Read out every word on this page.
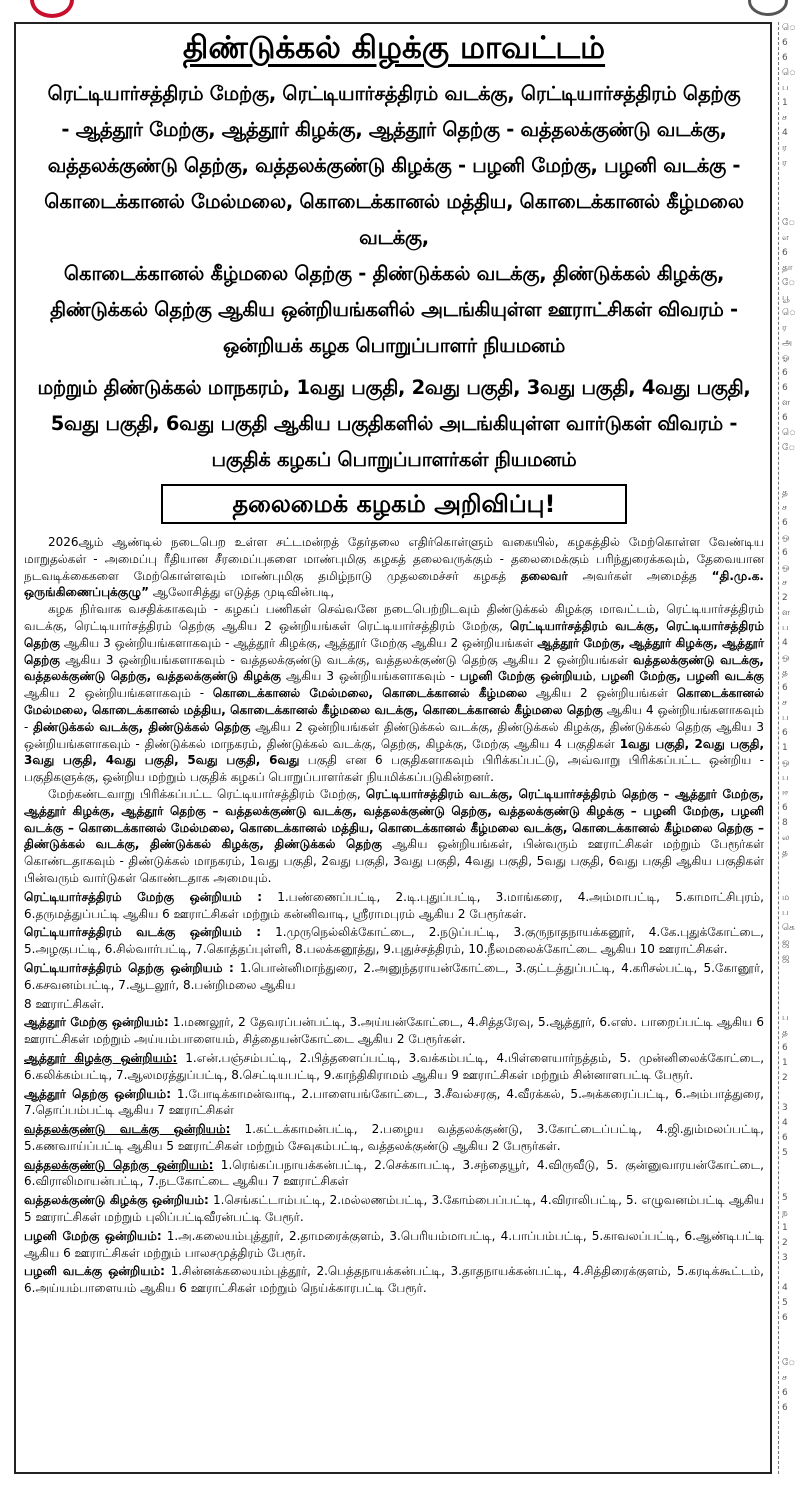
ெ
6
6
ெ
ப
1
ச
4
ர
ர
ே
எ
6
தா
ே
பூ
ெ
ர
அ
ஓ
6
6
ள
6
ெ
ே
த
ச
6
ஒ
6
ஒ
ச
2
ள
ப
4
ஒ
த
6
ச
ப
6
1
ஒ
ப
ஈ
6
8
ல
த
ம
ப
கெ
ஜ
ஜ
ப
த
6
1
2
3
4
6
5
5
ந
1
2
3
4
5
6
ே
ச
6
6
திண்டுக்கல் கிழக்கு மாவட்டம்
ரெட்டியார்சத்திரம் மேற்கு, ரெட்டியார்சத்திரம் வடக்கு, ரெட்டியார்சத்திரம் தெற்கு
- ஆத்தூர் மேற்கு, ஆத்தூர் கிழக்கு, ஆத்தூர் தெற்கு - வத்தலக்குண்டு வடக்கு,
வத்தலக்குண்டு தெற்கு, வத்தலக்குண்டு கிழக்கு - பழனி மேற்கு, பழனி வடக்கு -
கொடைக்கானல் மேல்மலை, கொடைக்கானல் மத்திய, கொடைக்கானல் கீழ்மலை வடக்கு,
கொடைக்கானல் கீழ்மலை தெற்கு - திண்டுக்கல் வடக்கு, திண்டுக்கல் கிழக்கு,
திண்டுக்கல் தெற்கு ஆகிய ஒன்றியங்களில் அடங்கியுள்ள ஊராட்சிகள் விவரம் -
ஒன்றியக் கழக பொறுப்பாளர் நியமனம்
மற்றும் திண்டுக்கல் மாநகரம், 1வது பகுதி, 2வது பகுதி, 3வது பகுதி, 4வது பகுதி,
5வது பகுதி, 6வது பகுதி ஆகிய பகுதிகளில் அடங்கியுள்ள வார்டுகள் விவரம் -
பகுதிக் கழகப் பொறுப்பாளர்கள் நியமனம்
தலைமைக் கழகம் அறிவிப்பு!

2026ஆம் ஆண்டில் நடைபெற உள்ள சட்டமன்றத் தேர்தலை எதிர்கொள்ளும் வகையில், கழகத்தில் மேற்கொள்ள வேண்டிய மாறுதல்கள் - அமைப்பு ரீதியான சீரமைப்புகளை மாண்புமிகு கழகத் தலைவருக்கும் - தலைமைக்கும் பரிந்துரைக்கவும், தேவையான நடவடிக்கைகளை மேற்கொள்ளவும் மாண்புமிகு தமிழ்நாடு முதலமைச்சர் கழகத் தலைவர் அவர்கள் அமைத்த “தி.மு.க. ஒருங்கிணைப்புக்குழு” ஆலோசித்து எடுத்த முடிவின்படி,

கழக நிர்வாக வசதிக்காகவும் - கழகப் பணிகள் செவ்வனே நடைபெற்றிடவும் திண்டுக்கல் கிழக்கு மாவட்டம், ரெட்டியார்சத்திரம் வடக்கு, ரெட்டியார்சத்திரம் தெற்கு ஆகிய 2 ஒன்றியங்கள் ரெட்டியார்சத்திரம் மேற்கு, ரெட்டியார்சத்திரம் வடக்கு, ரெட்டியார்சத்திரம் தெற்கு ஆகிய 3 ஒன்றியங்களாகவும் - ஆத்தூர் கிழக்கு, ஆத்தூர் மேற்கு ஆகிய 2 ஒன்றியங்கள் ஆத்தூர் மேற்கு, ஆத்தூர் கிழக்கு, ஆத்தூர் தெற்கு ஆகிய 3 ஒன்றியங்களாகவும் - வத்தலக்குண்டு வடக்கு, வத்தலக்குண்டு தெற்கு ஆகிய 2 ஒன்றியங்கள் வத்தலக்குண்டு வடக்கு, வத்தலக்குண்டு தெற்கு, வத்தலக்குண்டு கிழக்கு ஆகிய 3 ஒன்றியங்களாகவும் - பழனி மேற்கு ஒன்றியம், பழனி மேற்கு, பழனி வடக்கு ஆகிய 2 ஒன்றியங்களாகவும் - கொடைக்கானல் மேல்மலை, கொடைக்கானல் கீழ்மலை ஆகிய 2 ஒன்றியங்கள் கொடைக்கானல் மேல்மலை, கொடைக்கானல் மத்திய, கொடைக்கானல் கீழ்மலை வடக்கு, கொடைக்கானல் கீழ்மலை தெற்கு ஆகிய 4 ஒன்றியங்களாகவும் - திண்டுக்கல் வடக்கு, திண்டுக்கல் தெற்கு ஆகிய 2 ஒன்றியங்கள் திண்டுக்கல் வடக்கு, திண்டுக்கல் கிழக்கு, திண்டுக்கல் தெற்கு ஆகிய 3 ஒன்றியங்களாகவும் - திண்டுக்கல் மாநகரம், திண்டுக்கல் வடக்கு, தெற்கு, கிழக்கு, மேற்கு ஆகிய 4 பகுதிகள் 1வது பகுதி, 2வது பகுதி, 3வது பகுதி, 4வது பகுதி, 5வது பகுதி, 6வது பகுதி என 6 பகுதிகளாகவும் பிரிக்கப்பட்டு, அவ்வாறு பிரிக்கப்பட்ட ஒன்றிய - பகுதிகளுக்கு, ஒன்றிய மற்றும் பகுதிக் கழகப் பொறுப்பாளர்கள் நியமிக்கப்படுகின்றனர்.

மேற்கண்டவாறு பிரிக்கப்பட்ட ரெட்டியார்சத்திரம் மேற்கு, ரெட்டியார்சத்திரம் வடக்கு, ரெட்டியார்சத்திரம் தெற்கு – ஆத்தூர் மேற்கு, ஆத்தூர் கிழக்கு, ஆத்தூர் தெற்கு – வத்தலக்குண்டு வடக்கு, வத்தலக்குண்டு தெற்கு, வத்தலக்குண்டு கிழக்கு – பழனி மேற்கு, பழனி வடக்கு – கொடைக்கானல் மேல்மலை, கொடைக்கானல் மத்திய, கொடைக்கானல் கீழ்மலை வடக்கு, கொடைக்கானல் கீழ்மலை தெற்கு – திண்டுக்கல் வடக்கு, திண்டுக்கல் கிழக்கு, திண்டுக்கல் தெற்கு ஆகிய ஒன்றியங்கள், பின்வரும் ஊராட்சிகள் மற்றும் பேரூர்கள் கொண்டதாகவும் - திண்டுக்கல் மாநகரம், 1வது பகுதி, 2வது பகுதி, 3வது பகுதி, 4வது பகுதி, 5வது பகுதி, 6வது பகுதி ஆகிய பகுதிகள் பின்வரும் வார்டுகள் கொண்டதாக அமையும்.

ரெட்டியார்சத்திரம் மேற்கு ஒன்றியம் : 1.பண்ணைப்பட்டி, 2.டி.புதுப்பட்டி, 3.மாங்கரை, 4.அம்மாபட்டி, 5.காமாட்சிபுரம், 6.தருமத்துப்பட்டி ஆகிய 6 ஊராட்சிகள் மற்றும் கன்னிவாடி, ஸ்ரீராமபுரம் ஆகிய 2 பேரூர்கள்.
ரெட்டியார்சத்திரம் வடக்கு ஒன்றியம் : 1.முருநெல்லிக்கோட்டை, 2.நடுப்பட்டி, 3.குருநாதநாயக்கனூர், 4.கே.புதுக்கோட்டை, 5.அழகுபட்டி, 6.சில்வார்பட்டி, 7.கொத்தப்புள்ளி, 8.பலக்கனூத்து, 9.புதுச்சத்திரம், 10.நீலமலைக்கோட்டை ஆகிய 10 ஊராட்சிகள்.
ரெட்டியார்சத்திரம் தெற்கு ஒன்றியம் : 1.பொன்னிமாந்துரை, 2.அனுந்தராயன்கோட்டை, 3.குட்டத்துப்பட்டி, 4.கரிசல்பட்டி, 5.கோனூர், 6.கசவனம்பட்டி, 7.ஆடலூர், 8.பன்றிமலை ஆகிய
8 ஊராட்சிகள்.
ஆத்தூர் மேற்கு ஒன்றியம்: 1.மணலூர், 2 தேவரப்பன்பட்டி, 3.அய்யன்கோட்டை, 4.சித்தரேவு, 5.ஆத்தூர், 6.எஸ். பாறைப்பட்டி ஆகிய 6 ஊராட்சிகள் மற்றும் அய்யம்பாளையம், சித்தையன்கோட்டை ஆகிய 2 பேரூர்கள்.
ஆத்தூர் கிழக்கு ஒன்றியம்: 1.என்.பஞ்சம்பட்டி, 2.பித்தளைப்பட்டி, 3.வக்கம்பட்டி, 4.பிள்ளையார்நத்தம், 5. முன்னிலைக்கோட்டை, 6.கலிக்கம்பட்டி, 7.ஆலமரத்துப்பட்டி, 8.செட்டியபட்டி, 9.காந்திகிராமம் ஆகிய 9 ஊராட்சிகள் மற்றும் சின்னாளபட்டி பேரூர்.
ஆத்தூர் தெற்கு ஒன்றியம்: 1.போடிக்காமன்வாடி, 2.பாளையங்கோட்டை, 3.சீவல்சரகு, 4.வீரக்கல், 5.அக்கரைப்பட்டி, 6.அம்பாத்துரை, 7.தொப்பம்பட்டி ஆகிய 7 ஊராட்சிகள்
வத்தலக்குண்டு வடக்கு ஒன்றியம்: 1.கட்டக்காமன்பட்டி, 2.பழைய வத்தலக்குண்டு, 3.கோட்டைப்பட்டி, 4.ஜி.தும்மலப்பட்டி, 5.கணவாய்ப்பட்டி ஆகிய 5 ஊராட்சிகள் மற்றும் சேவுகம்பட்டி, வத்தலக்குண்டு ஆகிய 2 பேரூர்கள்.
வத்தலக்குண்டு தெற்கு ஒன்றியம்: 1.ரெங்கப்பநாயக்கன்பட்டி, 2.செக்காபட்டி, 3.சந்தையூர், 4.விருவீடு, 5. குன்னுவாரயன்கோட்டை, 6.விராலிமாயன்பட்டி, 7.நடகோட்டை ஆகிய 7 ஊராட்சிகள்
வத்தலக்குண்டு கிழக்கு ஒன்றியம்: 1.செங்கட்டாம்பட்டி, 2.மல்லணம்பட்டி, 3.கோம்பைப்பட்டி, 4.விராலிபட்டி, 5. எழுவனம்பட்டி ஆகிய 5 ஊராட்சிகள் மற்றும் புலிப்பட்டிவீரன்பட்டி பேரூர்.
பழனி மேற்கு ஒன்றியம்: 1.அ.கலையம்புத்தூர், 2.தாமரைக்குளம், 3.பெரியம்மாபட்டி, 4.பாப்பம்பட்டி, 5.காவலப்பட்டி, 6.ஆண்டிபட்டி ஆகிய 6 ஊராட்சிகள் மற்றும் பாலசமுத்திரம் பேரூர்.
பழனி வடக்கு ஒன்றியம்: 1.சின்னக்கலையம்புத்தூர், 2.பெத்தநாயக்கன்பட்டி, 3.தாதநாயக்கன்பட்டி, 4.சித்திரைக்குளம், 5.கரடிக்கூட்டம், 6.அய்யம்பாளையம் ஆகிய 6 ஊராட்சிகள் மற்றும் நெய்க்காரபட்டி பேரூர்.
